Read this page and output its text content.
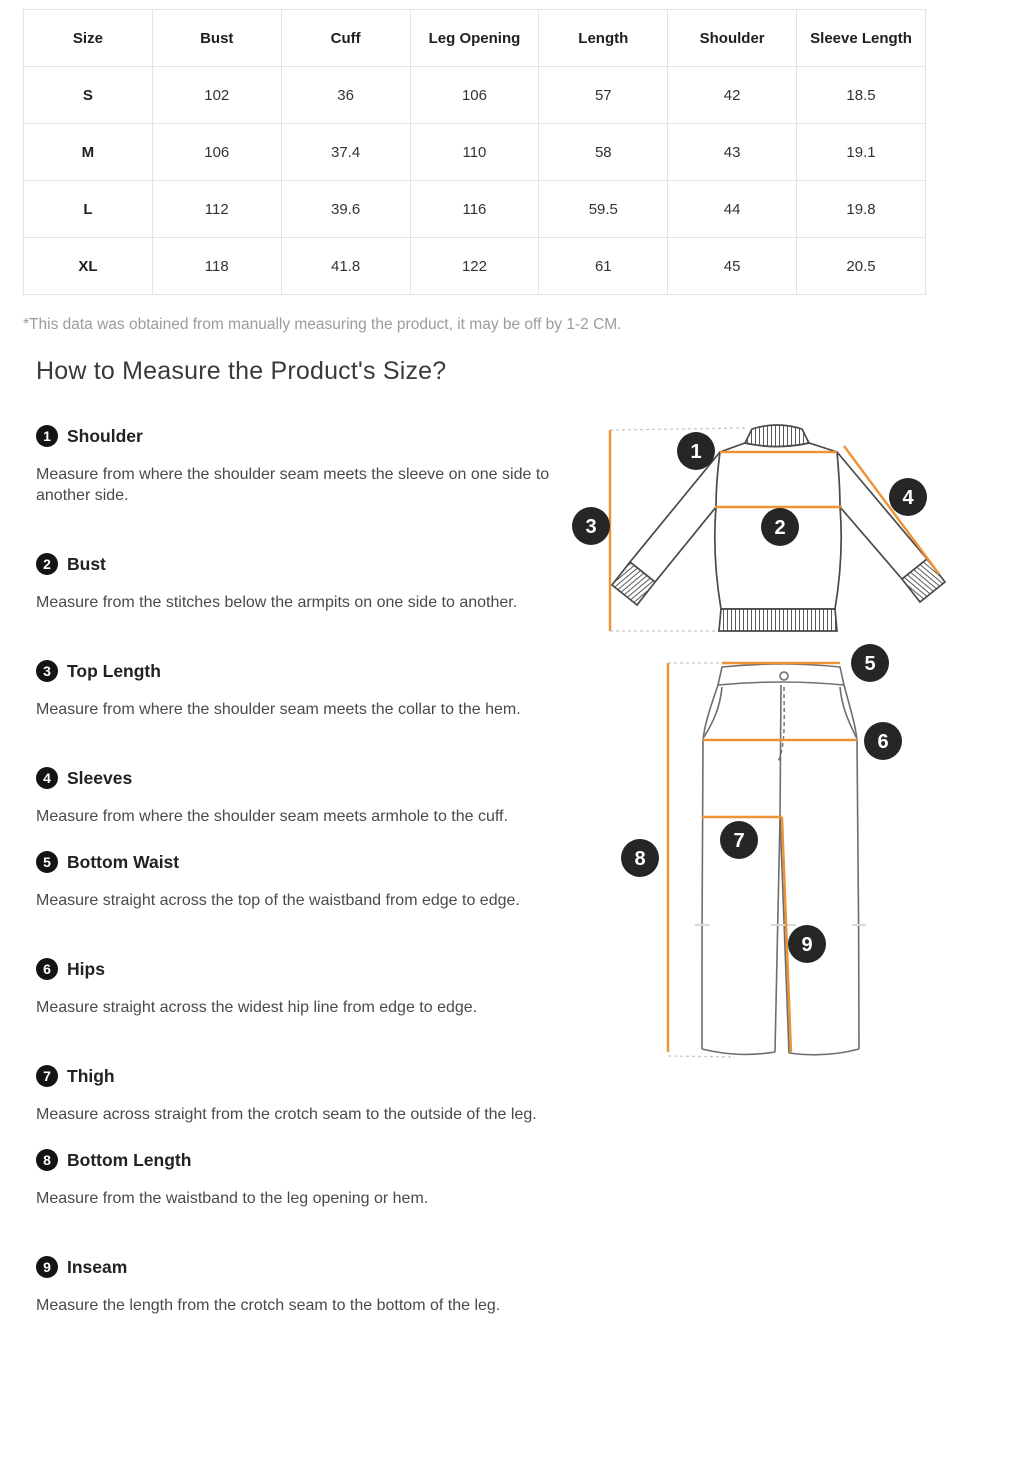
Size	Bust	Cuff	Leg Opening	Length	Shoulder	Sleeve Length
S	102	36	106	57	42	18.5
M	106	37.4	110	58	43	19.1
L	112	39.6	116	59.5	44	19.8
XL	118	41.8	122	61	45	20.5

*This data was obtained from manually measuring the product, it may be off by 1-2 CM.

How to Measure the Product's Size?
1 Shoulder

Measure from where the shoulder seam meets the sleeve on one side to another side.

2 Bust

Measure from the stitches below the armpits on one side to another.

3 Top Length

Measure from where the shoulder seam meets the collar to the hem.

4 Sleeves

Measure from where the shoulder seam meets armhole to the cuff.

5 Bottom Waist

Measure straight across the top of the waistband from edge to edge.

6 Hips

Measure straight across the widest hip line from edge to edge.

7 Thigh

Measure across straight from the crotch seam to the outside of the leg.

8 Bottom Length

Measure from the waistband to the leg opening or hem.

9 Inseam

Measure the length from the crotch seam to the bottom of the leg.

1
2
3
4
5
6
7
8
9
